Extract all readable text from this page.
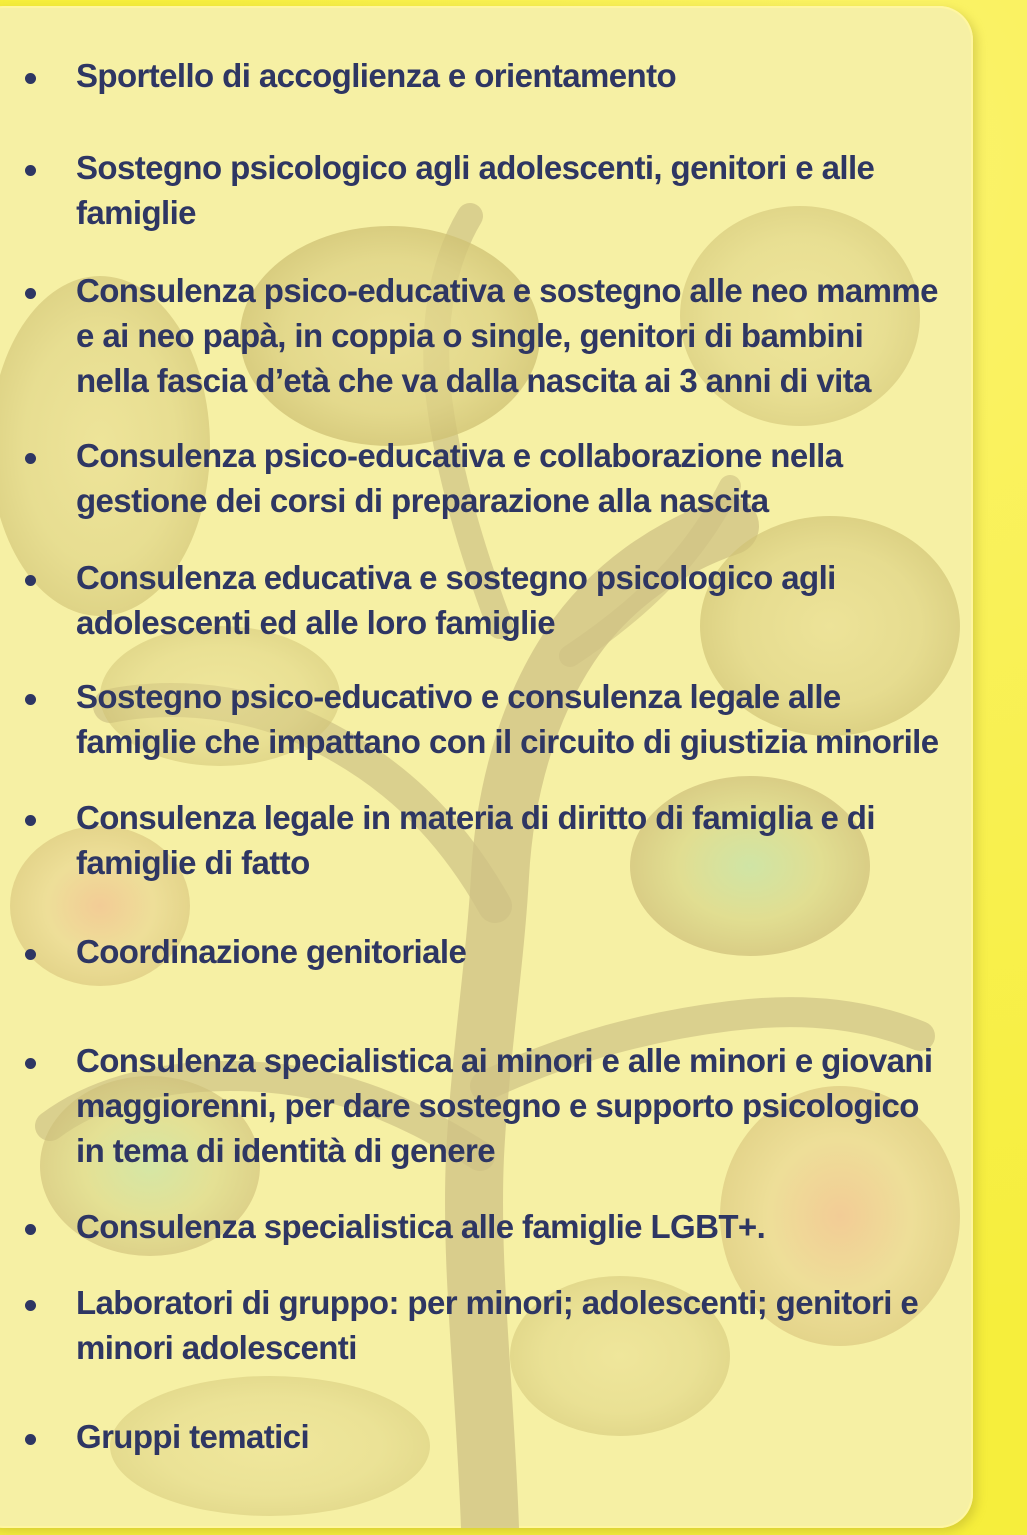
Sportello di accoglienza e orientamento
Sostegno psicologico agli adolescenti, genitori e alle
famiglie
Consulenza psico-educativa e sostegno alle neo mamme
e ai neo papà, in coppia o single, genitori di bambini
nella fascia d’età che va dalla nascita ai 3 anni di vita
Consulenza psico-educativa e collaborazione nella
gestione dei corsi di preparazione alla nascita
Consulenza educativa e sostegno psicologico agli
adolescenti ed alle loro famiglie
Sostegno psico-educativo e consulenza legale alle
famiglie che impattano con il circuito di giustizia minorile
Consulenza legale in materia di diritto di famiglia e di
famiglie di fatto
Coordinazione genitoriale
Consulenza specialistica ai minori e alle minori e giovani
maggiorenni, per dare sostegno e supporto psicologico
in tema di identità di genere
Consulenza specialistica alle famiglie LGBT+.
Laboratori di gruppo: per minori; adolescenti; genitori e
minori adolescenti
Gruppi tematici
